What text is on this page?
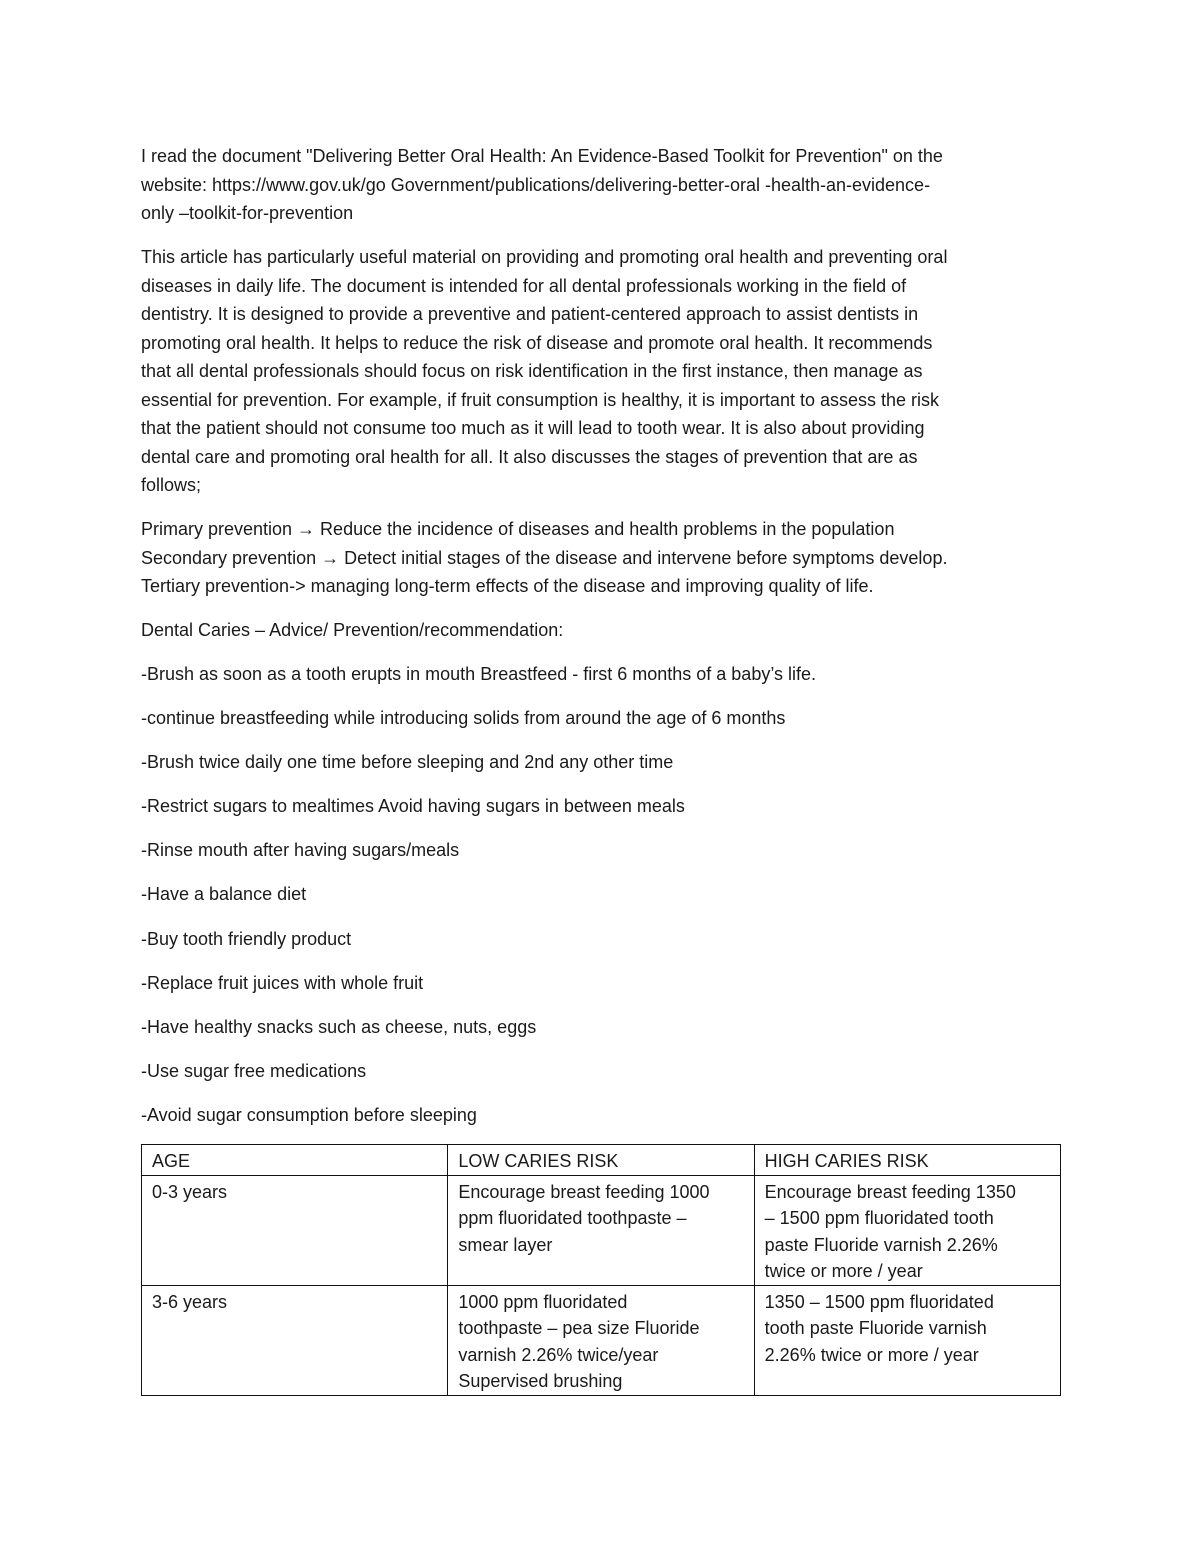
I read the document "Delivering Better Oral Health: An Evidence-Based Toolkit for Prevention" on the
website: https://www.gov.uk/go Government/publications/delivering-better-oral -health-an-evidence-
only –toolkit-for-prevention
This article has particularly useful material on providing and promoting oral health and preventing oral
diseases in daily life. The document is intended for all dental professionals working in the field of
dentistry. It is designed to provide a preventive and patient-centered approach to assist dentists in
promoting oral health. It helps to reduce the risk of disease and promote oral health. It recommends
that all dental professionals should focus on risk identification in the first instance, then manage as
essential for prevention. For example, if fruit consumption is healthy, it is important to assess the risk
that the patient should not consume too much as it will lead to tooth wear. It is also about providing
dental care and promoting oral health for all. It also discusses the stages of prevention that are as
follows;
Primary prevention → Reduce the incidence of diseases and health problems in the population
Secondary prevention → Detect initial stages of the disease and intervene before symptoms develop.
Tertiary prevention-> managing long-term effects of the disease and improving quality of life.
Dental Caries – Advice/ Prevention/recommendation:
-Brush as soon as a tooth erupts in mouth Breastfeed - first 6 months of a baby’s life.
-continue breastfeeding while introducing solids from around the age of 6 months
-Brush twice daily one time before sleeping and 2nd any other time
-Restrict sugars to mealtimes Avoid having sugars in between meals
-Rinse mouth after having sugars/meals
-Have a balance diet
-Buy tooth friendly product
-Replace fruit juices with whole fruit
-Have healthy snacks such as cheese, nuts, eggs
-Use sugar free medications
-Avoid sugar consumption before sleeping
AGE	LOW CARIES RISK	HIGH CARIES RISK

0-3 years	Encourage breast feeding 1000
ppm fluoridated toothpaste –
smear layer	Encourage breast feeding 1350
– 1500 ppm fluoridated tooth
paste Fluoride varnish 2.26%
twice or more / year

3-6 years	1000 ppm fluoridated
toothpaste – pea size Fluoride
varnish 2.26% twice/year
Supervised brushing	1350 – 1500 ppm fluoridated
tooth paste Fluoride varnish
2.26% twice or more / year
